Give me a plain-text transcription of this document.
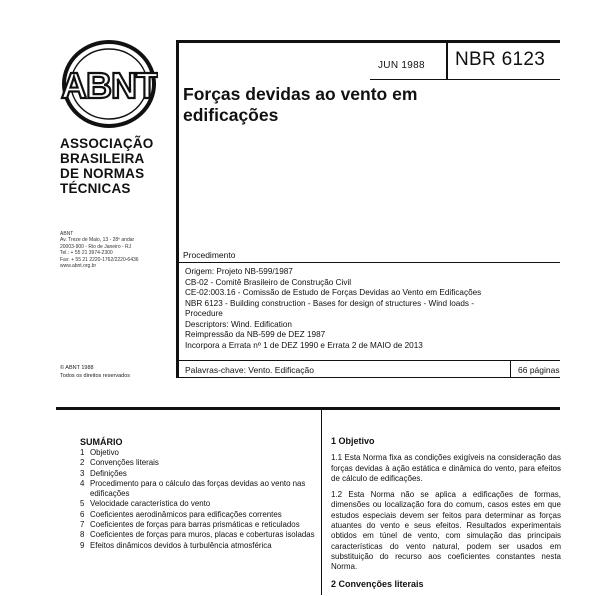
ABNT
ASSOCIAÇÃO
BRASILEIRA
DE NORMAS
TÉCNICAS
ABNT
Av. Treze de Maio, 13 - 28º andar
20003-900 - Rio de Janeiro - RJ
Tel.: + 55 21 3974-2300
Fax: + 55 21 2220-1762/2220-6436
www.abnt.org.br
© ABNT 1988
Todos os direitos reservados
JUN 1988 NBR 6123
Forças devidas ao vento em
edificações
Procedimento
Origem: Projeto NB-599/1987
CB-02 - Comitê Brasileiro de Construção Civil
CE-02:003.16 - Comissão de Estudo de Forças Devidas ao Vento em Edificações
NBR 6123 - Building construction - Bases for design of structures - Wind loads -
Procedure
Descriptors: Wind. Edification
Reimpressão da NB-599 de DEZ 1987
Incorpora a Errata nº 1 de DEZ 1990 e Errata 2 de MAIO de 2013
Palavras-chave: Vento. Edificação	66 páginas
SUMÁRIO
1 Objetivo
2 Convenções literais
3 Definições
4 Procedimento para o cálculo das forças devidas ao vento nas edificações
5 Velocidade característica do vento
6 Coeficientes aerodinâmicos para edificações correntes
7 Coeficientes de forças para barras prismáticas e reticulados
8 Coeficientes de forças para muros, placas e coberturas isoladas
9 Efeitos dinâmicos devidos à turbulência atmosférica
1 Objetivo

1.1 Esta Norma fixa as condições exigíveis na consideração das forças devidas à ação estática e dinâmica do vento, para efeitos de cálculo de edificações.

1.2 Esta Norma não se aplica a edificações de formas, dimensões ou localização fora do comum, casos estes em que estudos especiais devem ser feitos para determinar as forças atuantes do vento e seus efeitos. Resultados experimentais obtidos em túnel de vento, com simulação das principais características do vento natural, podem ser usados em substituição do recurso aos coeficientes constantes nesta Norma.

2 Convenções literais
